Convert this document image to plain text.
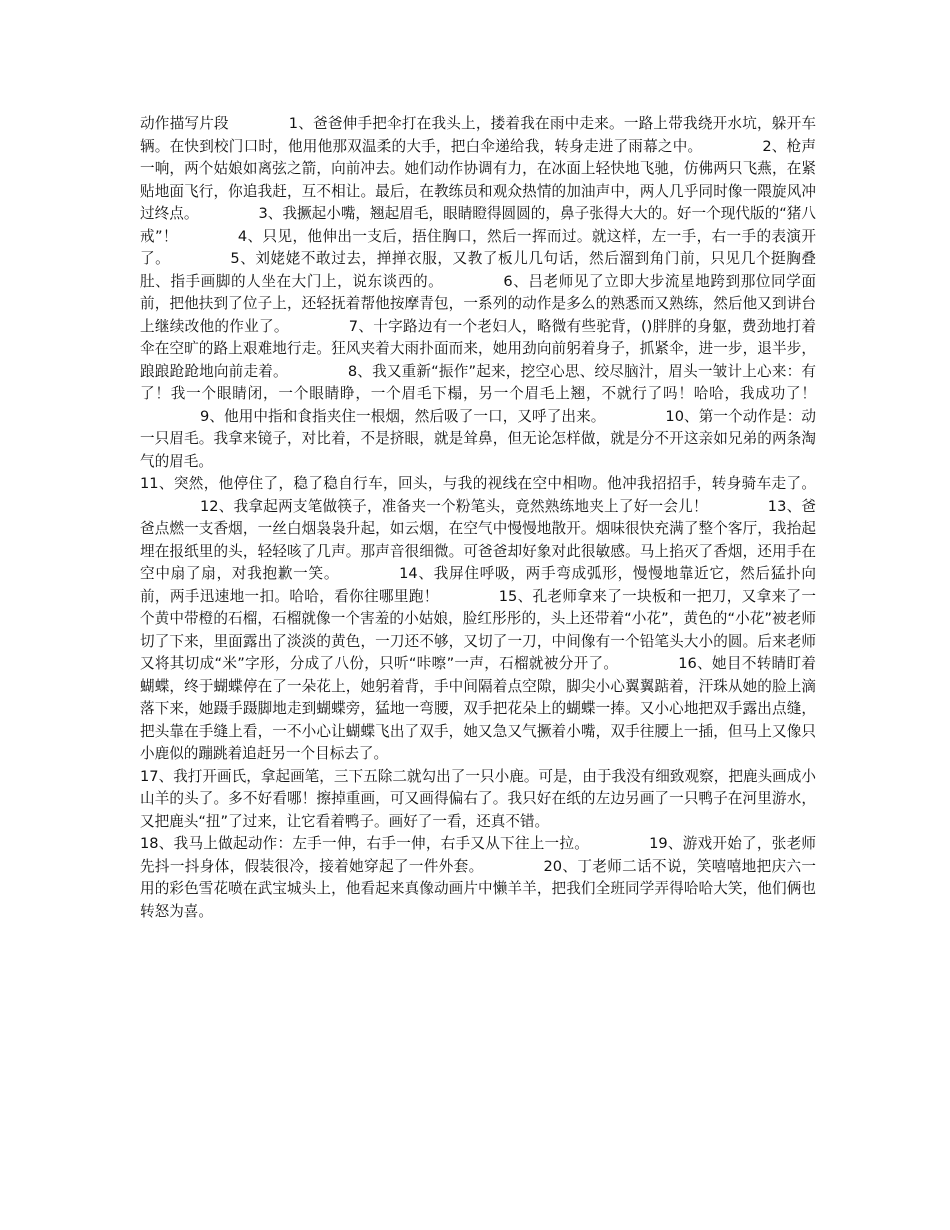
动作描写片段	1、爸爸伸手把伞打在我头上，搂着我在雨中走来。一路上带我绕开水坑，躲开车辆。在快到校门口时，他用他那双温柔的大手，把白伞递给我，转身走进了雨幕之中。	2、枪声一响，两个姑娘如离弦之箭，向前冲去。她们动作协调有力，在冰面上轻快地飞驰，仿佛两只飞燕，在紧贴地面飞行，你追我赶，互不相让。最后，在教练员和观众热情的加油声中，两人几乎同时像一隈旋风冲过终点。	3、我撅起小嘴，翘起眉毛，眼睛瞪得圆圆的，鼻子张得大大的。好一个现代版的“猪八戒”！	4、只见，他伸出一支后，捂住胸口，然后一挥而过。就这样，左一手，右一手的表演开了。	5、刘姥姥不敢过去，掸掸衣服，又教了板儿几句话，然后溜到角门前，只见几个挺胸叠肚、指手画脚的人坐在大门上，说东谈西的。	6、吕老师见了立即大步流星地跨到那位同学面前，把他扶到了位子上，还轻抚着帮他按摩青包，一系列的动作是多么的熟悉而又熟练，然后他又到讲台上继续改他的作业了。	7、十字路边有一个老妇人，略微有些驼背，()胖胖的身躯，费劲地打着伞在空旷的路上艰难地行走。狂风夹着大雨扑面而来，她用劲向前躬着身子，抓紧伞，进一步，退半步，踉踉跄跄地向前走着。	8、我又重新“振作”起来，挖空心思、绞尽脑汁，眉头一皱计上心来：有了！我一个眼睛闭，一个眼睛睁，一个眉毛下榻，另一个眉毛上翘，不就行了吗！哈哈，我成功了！9、他用中指和食指夹住一根烟，然后吸了一口，又呼了出来。	10、第一个动作是：动一只眉毛。我拿来镜子，对比着，不是挤眼，就是耸鼻，但无论怎样做，就是分不开这亲如兄弟的两条淘气的眉毛。
11、突然，他停住了，稳了稳自行车，回头，与我的视线在空中相吻。他冲我招招手，转身骑车走了。12、我拿起两支笔做筷子，准备夹一个粉笔头，竟然熟练地夹上了好一会儿！	13、爸爸点燃一支香烟，一丝白烟袅袅升起，如云烟，在空气中慢慢地散开。烟味很快充满了整个客厅，我抬起埋在报纸里的头，轻轻咳了几声。那声音很细微。可爸爸却好象对此很敏感。马上掐灭了香烟，还用手在空中扇了扇，对我抱歉一笑。	14、我屏住呼吸，两手弯成弧形，慢慢地靠近它，然后猛扑向前，两手迅速地一扣。哈哈，看你往哪里跑！	15、孔老师拿来了一块板和一把刀，又拿来了一个黄中带橙的石榴，石榴就像一个害羞的小姑娘，脸红彤彤的，头上还带着“小花”，黄色的“小花”被老师切了下来，里面露出了淡淡的黄色，一刀还不够，又切了一刀，中间像有一个铅笔头大小的圆。后来老师又将其切成“米”字形，分成了八份，只听“咔嚓”一声，石榴就被分开了。	16、她目不转睛盯着蝴蝶，终于蝴蝶停在了一朵花上，她躬着背，手中间隔着点空隙，脚尖小心翼翼踮着，汗珠从她的脸上滴落下来，她蹑手蹑脚地走到蝴蝶旁，猛地一弯腰，双手把花朵上的蝴蝶一捧。又小心地把双手露出点缝，把头靠在手缝上看，一不小心让蝴蝶飞出了双手，她又急又气撅着小嘴，双手往腰上一插，但马上又像只小鹿似的蹦跳着追赶另一个目标去了。
17、我打开画氏，拿起画笔，三下五除二就勾出了一只小鹿。可是，由于我没有细致观察，把鹿头画成小山羊的头了。多不好看哪！擦掉重画，可又画得偏右了。我只好在纸的左边另画了一只鸭子在河里游水，又把鹿头“扭”了过来，让它看着鸭子。画好了一看，还真不错。
18、我马上做起动作：左手一伸，右手一伸，右手又从下往上一拉。	19、游戏开始了，张老师先抖一抖身体，假装很冷，接着她穿起了一件外套。	20、丁老师二话不说，笑嘻嘻地把庆六一用的彩色雪花喷在武宝城头上，他看起来真像动画片中懒羊羊，把我们全班同学弄得哈哈大笑，他们俩也转怒为喜。
